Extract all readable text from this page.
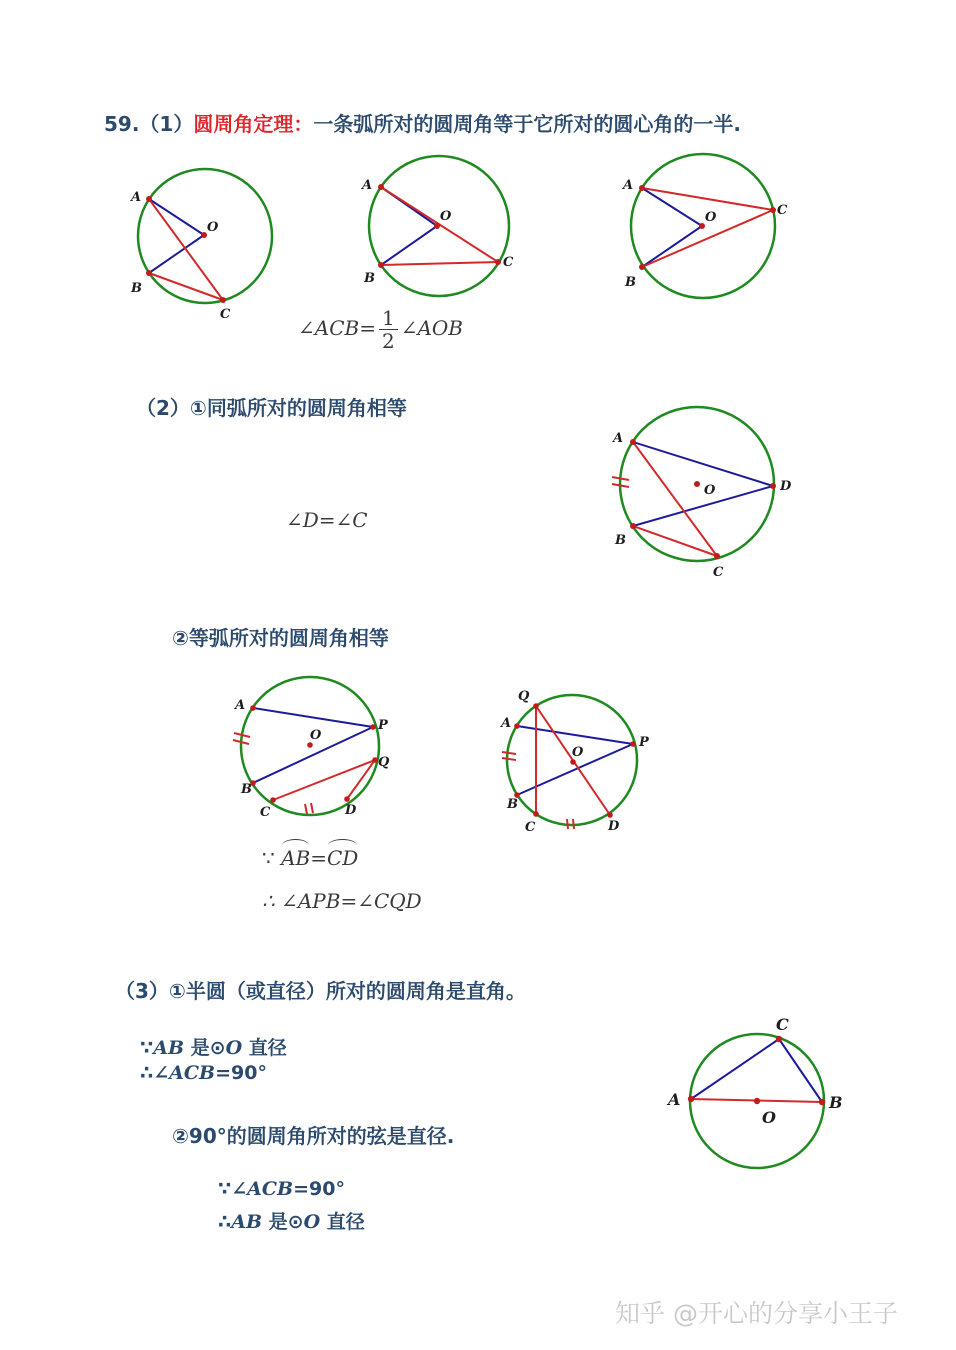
59.（1）圆周角定理：一条弧所对的圆周角等于它所对的圆心角的一半.
A
B
C
O
A
B
C
O
A
B
C
O
∠ACB= $\frac{1}{2}$ ∠AOB
（2）①同弧所对的圆周角相等
∠D=∠C
A
B
C
D
O
②等弧所对的圆周角相等
A
B
C	D
P
Q
O
A
B
C	D
P
Q
O
∵ AB=CD
∴ ∠APB=∠CQD
（3）①半圆（或直径）所对的圆周角是直角。
∵AB 是⊙O 直径
∴∠ACB=90°
②90°的圆周角所对的弦是直径.
∵∠ACB=90°
∴AB 是⊙O 直径
A	B
C
O
知乎 @开心的分享小王子
